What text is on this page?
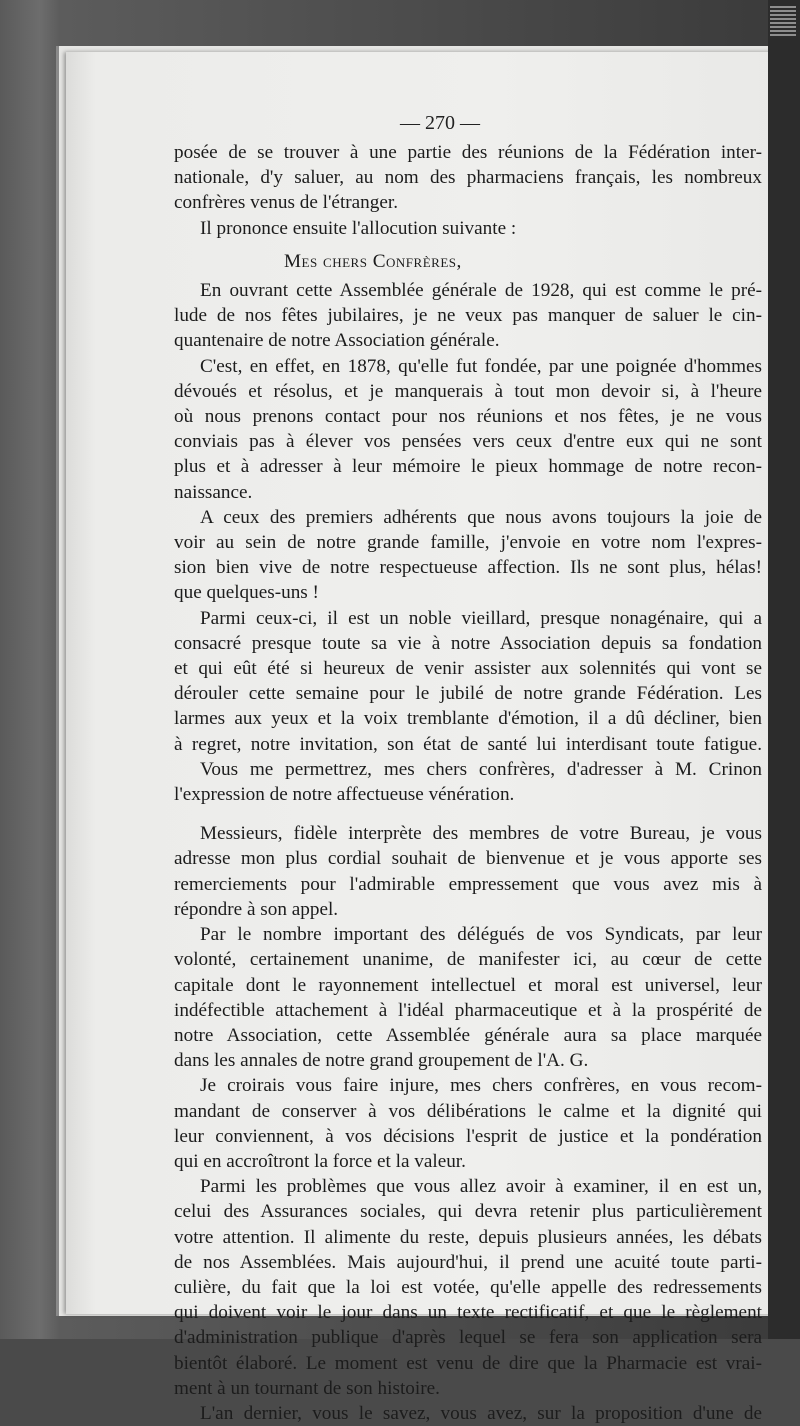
— 270 —
posée de se trouver à une partie des réunions de la Fédération inter-
nationale, d'y saluer, au nom des pharmaciens français, les nombreux
confrères venus de l'étranger.
Il prononce ensuite l'allocution suivante :
Mes chers Confrères,
En ouvrant cette Assemblée générale de 1928, qui est comme le pré-
lude de nos fêtes jubilaires, je ne veux pas manquer de saluer le cin-
quantenaire de notre Association générale.
C'est, en effet, en 1878, qu'elle fut fondée, par une poignée d'hommes
dévoués et résolus, et je manquerais à tout mon devoir si, à l'heure
où nous prenons contact pour nos réunions et nos fêtes, je ne vous
conviais pas à élever vos pensées vers ceux d'entre eux qui ne sont
plus et à adresser à leur mémoire le pieux hommage de notre recon-
naissance.
A ceux des premiers adhérents que nous avons toujours la joie de
voir au sein de notre grande famille, j'envoie en votre nom l'expres-
sion bien vive de notre respectueuse affection. Ils ne sont plus, hélas!
que quelques-uns !
Parmi ceux-ci, il est un noble vieillard, presque nonagénaire, qui a
consacré presque toute sa vie à notre Association depuis sa fondation
et qui eût été si heureux de venir assister aux solennités qui vont se
dérouler cette semaine pour le jubilé de notre grande Fédération. Les
larmes aux yeux et la voix tremblante d'émotion, il a dû décliner, bien
à regret, notre invitation, son état de santé lui interdisant toute fatigue.
Vous me permettrez, mes chers confrères, d'adresser à M. Crinon
l'expression de notre affectueuse vénération.
Messieurs, fidèle interprète des membres de votre Bureau, je vous
adresse mon plus cordial souhait de bienvenue et je vous apporte ses
remerciements pour l'admirable empressement que vous avez mis à
répondre à son appel.
Par le nombre important des délégués de vos Syndicats, par leur
volonté, certainement unanime, de manifester ici, au cœur de cette
capitale dont le rayonnement intellectuel et moral est universel, leur
indéfectible attachement à l'idéal pharmaceutique et à la prospérité de
notre Association, cette Assemblée générale aura sa place marquée
dans les annales de notre grand groupement de l'A. G.
Je croirais vous faire injure, mes chers confrères, en vous recom-
mandant de conserver à vos délibérations le calme et la dignité qui
leur conviennent, à vos décisions l'esprit de justice et la pondération
qui en accroîtront la force et la valeur.
Parmi les problèmes que vous allez avoir à examiner, il en est un,
celui des Assurances sociales, qui devra retenir plus particulièrement
votre attention. Il alimente du reste, depuis plusieurs années, les débats
de nos Assemblées. Mais aujourd'hui, il prend une acuité toute parti-
culière, du fait que la loi est votée, qu'elle appelle des redressements
qui doivent voir le jour dans un texte rectificatif, et que le règlement
d'administration publique d'après lequel se fera son application sera
bientôt élaboré. Le moment est venu de dire que la Pharmacie est vrai-
ment à un tournant de son histoire.
L'an dernier, vous le savez, vous avez, sur la proposition d'une de
